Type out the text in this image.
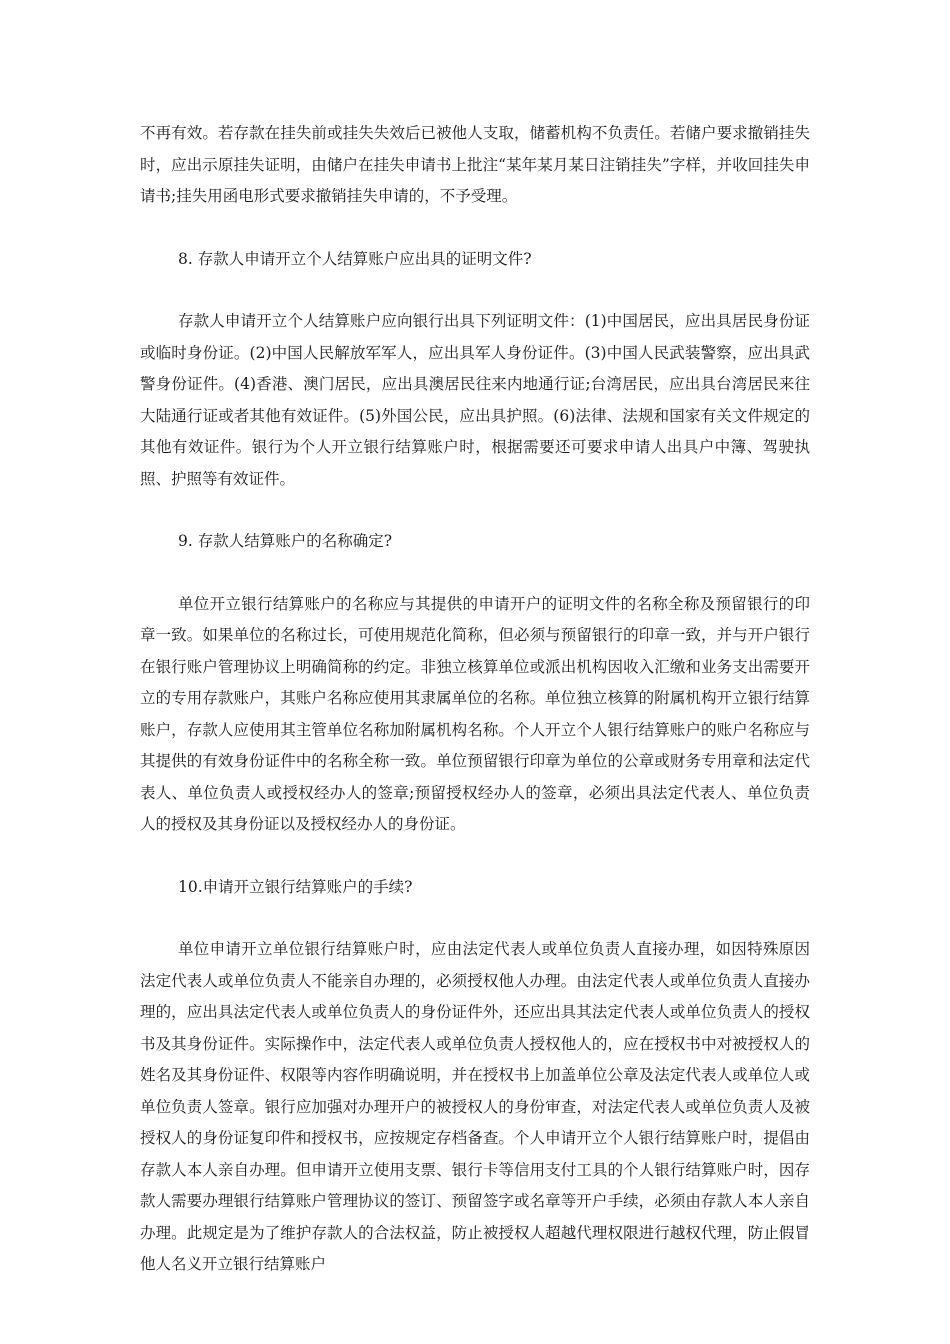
不再有效。若存款在挂失前或挂失失效后已被他人支取，储蓄机构不负责任。若储户要求撤销挂失时，应出示原挂失证明，由储户在挂失申请书上批注“某年某月某日注销挂失”字样，并收回挂失申请书;挂失用函电形式要求撤销挂失申请的，不予受理。

8. 存款人申请开立个人结算账户应出具的证明文件?

存款人申请开立个人结算账户应向银行出具下列证明文件：(1)中国居民，应出具居民身份证或临时身份证。(2)中国人民解放军军人，应出具军人身份证件。(3)中国人民武装警察，应出具武警身份证件。(4)香港、澳门居民，应出具澳居民往来内地通行证;台湾居民，应出具台湾居民来往大陆通行证或者其他有效证件。(5)外国公民，应出具护照。(6)法律、法规和国家有关文件规定的其他有效证件。银行为个人开立银行结算账户时，根据需要还可要求申请人出具户中簿、驾驶执照、护照等有效证件。

9. 存款人结算账户的名称确定?

单位开立银行结算账户的名称应与其提供的申请开户的证明文件的名称全称及预留银行的印章一致。如果单位的名称过长，可使用规范化简称，但必须与预留银行的印章一致，并与开户银行在银行账户管理协议上明确简称的约定。非独立核算单位或派出机构因收入汇缴和业务支出需要开立的专用存款账户，其账户名称应使用其隶属单位的名称。单位独立核算的附属机构开立银行结算账户，存款人应使用其主管单位名称加附属机构名称。个人开立个人银行结算账户的账户名称应与其提供的有效身份证件中的名称全称一致。单位预留银行印章为单位的公章或财务专用章和法定代表人、单位负责人或授权经办人的签章;预留授权经办人的签章，必须出具法定代表人、单位负责人的授权及其身份证以及授权经办人的身份证。

10.申请开立银行结算账户的手续?

单位申请开立单位银行结算账户时，应由法定代表人或单位负责人直接办理，如因特殊原因法定代表人或单位负责人不能亲自办理的，必须授权他人办理。由法定代表人或单位负责人直接办理的，应出具法定代表人或单位负责人的身份证件外，还应出具其法定代表人或单位负责人的授权书及其身份证件。实际操作中，法定代表人或单位负责人授权他人的，应在授权书中对被授权人的姓名及其身份证件、权限等内容作明确说明，并在授权书上加盖单位公章及法定代表人或单位人或单位负责人签章。银行应加强对办理开户的被授权人的身份审查，对法定代表人或单位负责人及被授权人的身份证复印件和授权书，应按规定存档备查。个人申请开立个人银行结算账户时，提倡由存款人本人亲自办理。但申请开立使用支票、银行卡等信用支付工具的个人银行结算账户时，因存款人需要办理银行结算账户管理协议的签订、预留签字或名章等开户手续，必须由存款人本人亲自办理。此规定是为了维护存款人的合法权益，防止被授权人超越代理权限进行越权代理，防止假冒他人名义开立银行结算账户
